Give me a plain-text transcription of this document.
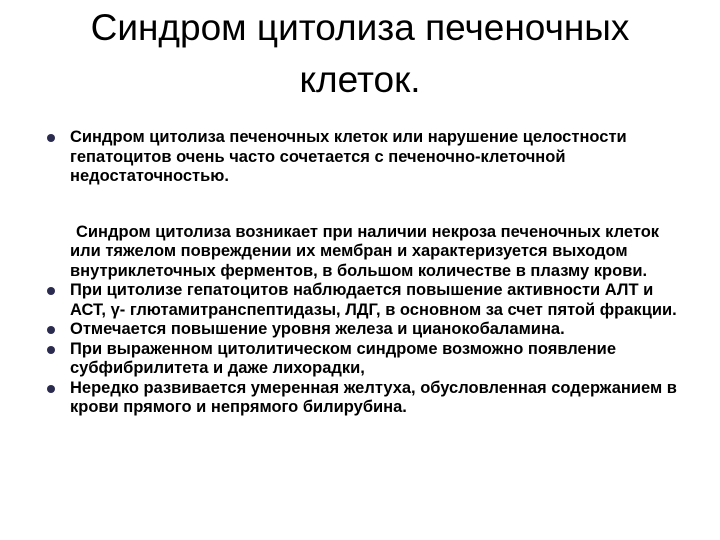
Синдром цитолиза печеночных
клеток.
Синдром цитолиза печеночных клеток или нарушение целостности гепатоцитов очень часто сочетается с печеночно-клеточной недостаточностью.
Синдром цитолиза возникает при наличии некроза печеночных клеток или тяжелом повреждении их мембран и характеризуется выходом внутриклеточных ферментов, в большом количестве в плазму крови.
При цитолизе гепатоцитов наблюдается повышение активности АЛТ и АСТ, γ- глютамитранспептидазы, ЛДГ, в основном за счет пятой фракции.
Отмечается повышение уровня железа и цианокобаламина.
При выраженном цитолитическом синдроме возможно появление субфибрилитета и даже лихорадки,
Нередко развивается умеренная желтуха, обусловленная содержанием в крови прямого и непрямого билирубина.
